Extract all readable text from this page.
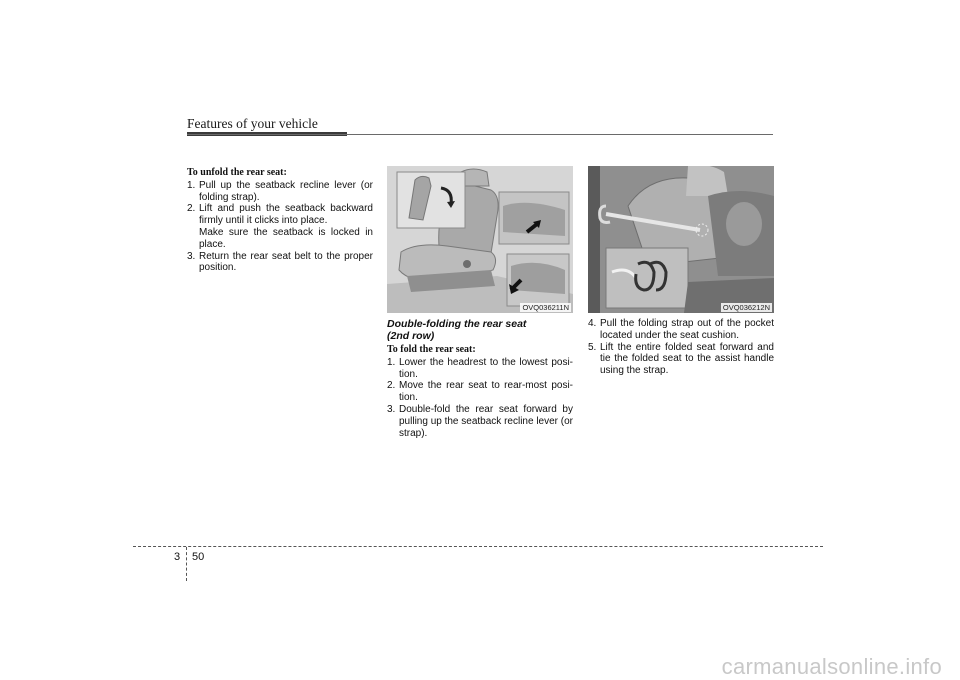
Features of your vehicle
To unfold the rear seat:
1. Pull up the seatback recline lever (or folding strap).
2. Lift and push the seatback backward firmly until it clicks into place.
Make sure the seatback is locked in place.
3. Return the rear seat belt to the proper position.
OVQ036211N	OVQ036212N
Double-folding the rear seat
(2nd row)
To fold the rear seat:
1. Lower the headrest to the lowest posi-tion.
2. Move the rear seat to rear-most posi-tion.
3. Double-fold the rear seat forward by pulling up the seatback recline lever (or strap).
4. Pull the folding strap out of the pocket located under the seat cushion.
5. Lift the entire folded seat forward and tie the folded seat to the assist handle using the strap.
3 50
carmanualsonline.info
